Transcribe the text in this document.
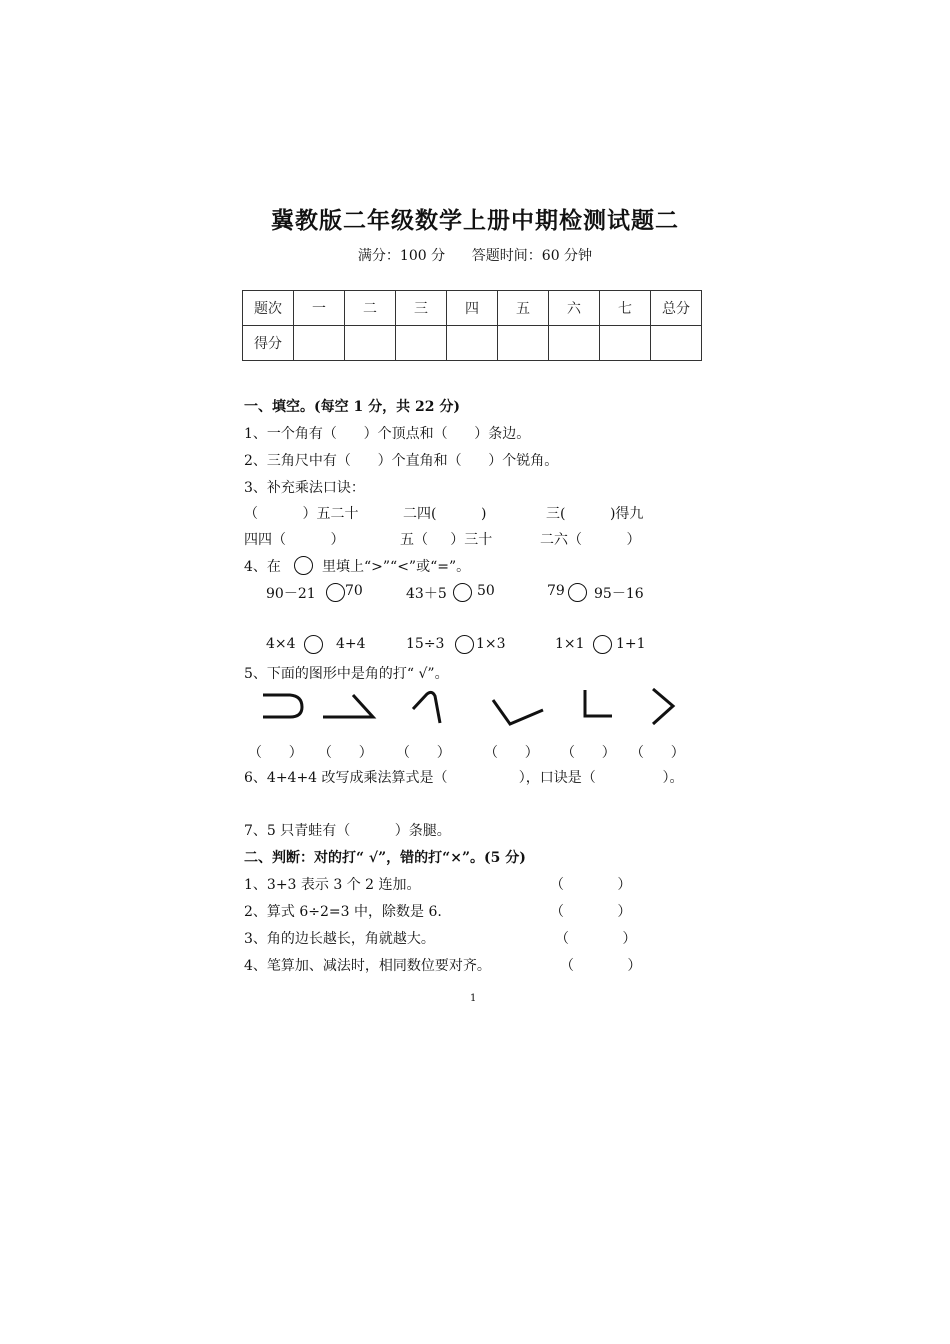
冀教版二年级数学上册中期检测试题二
满分：100 分      答题时间：60 分钟
题次	一	二	三	四	五	六	七	总分
得分								
一、填空。(每空 1 分，共 22 分)
1、一个角有（      ）个顶点和（      ）条边。
2、三角尺中有（      ）个直角和（      ）个锐角。
3、补充乘法口诀：
（          ）五二十	二四(          )	三(          )得九
四四（          ）	五（     ）三十	二六（          ）
4、在	里填上“>”“<”或“=”。
90－21 70	43＋5 50	79 95－16
4×4	4+4	15÷3 1×3	1×1 1+1
5、下面的图形中是角的打“ √”。
（      ） （      ） （      ） （      ） （      ） （      ）
6、4+4+4 改写成乘法算式是（                ），口诀是（               ）。
7、5 只青蛙有（          ）条腿。
二、判断：对的打“ √”，错的打“×”。(5 分)
1、3+3 表示 3 个 2 连加。	（            ）
2、算式 6÷2=3 中，除数是 6.	（            ）
3、角的边长越长，角就越大。	（            ）
4、笔算加、减法时，相同数位要对齐。	（            ）
1
